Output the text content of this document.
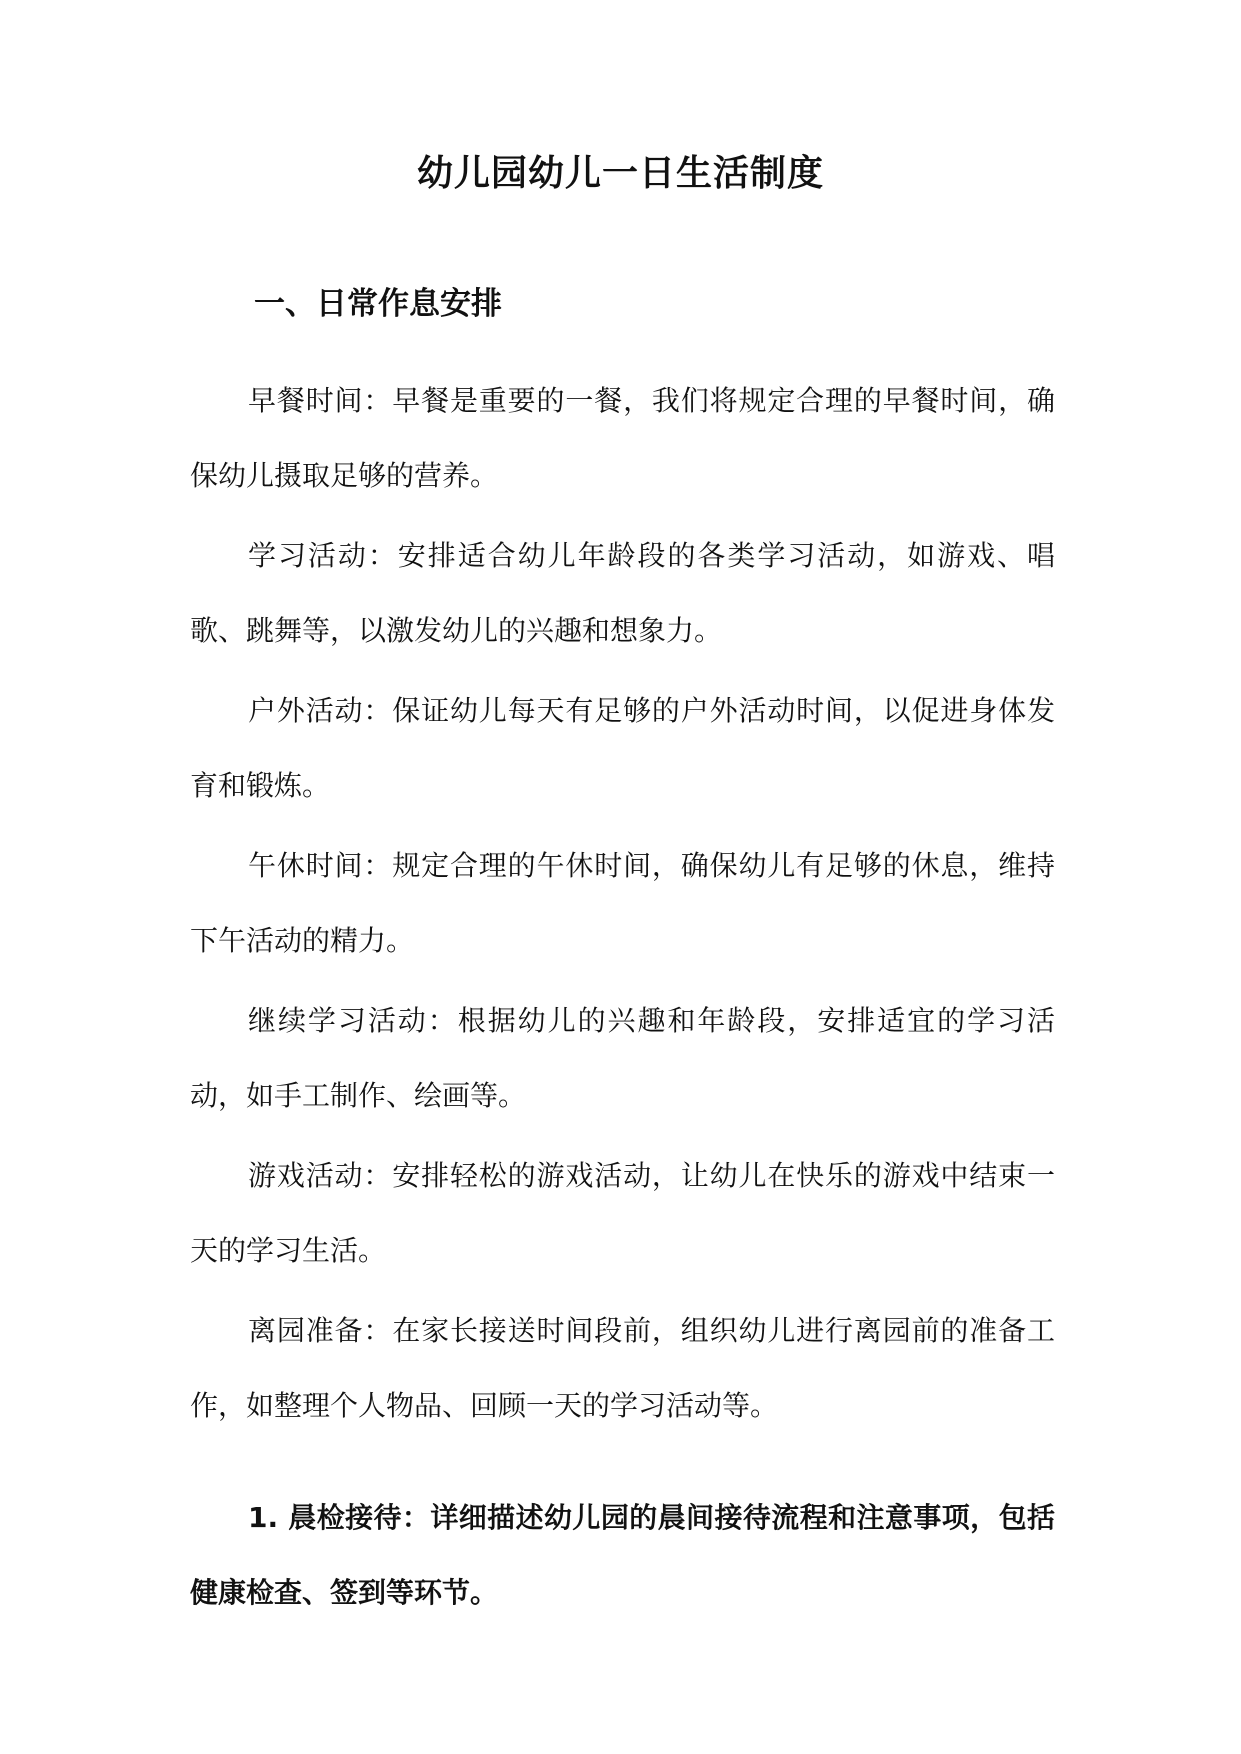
幼儿园幼儿一日生活制度
一、日常作息安排

早餐时间：早餐是重要的一餐，我们将规定合理的早餐时间，确保幼儿摄取足够的营养。

学习活动：安排适合幼儿年龄段的各类学习活动，如游戏、唱歌、跳舞等，以激发幼儿的兴趣和想象力。

户外活动：保证幼儿每天有足够的户外活动时间，以促进身体发育和锻炼。

午休时间：规定合理的午休时间，确保幼儿有足够的休息，维持下午活动的精力。

继续学习活动：根据幼儿的兴趣和年龄段，安排适宜的学习活动，如手工制作、绘画等。

游戏活动：安排轻松的游戏活动，让幼儿在快乐的游戏中结束一天的学习生活。

离园准备：在家长接送时间段前，组织幼儿进行离园前的准备工作，如整理个人物品、回顾一天的学习活动等。

1. 晨检接待：详细描述幼儿园的晨间接待流程和注意事项，包括健康检查、签到等环节。
